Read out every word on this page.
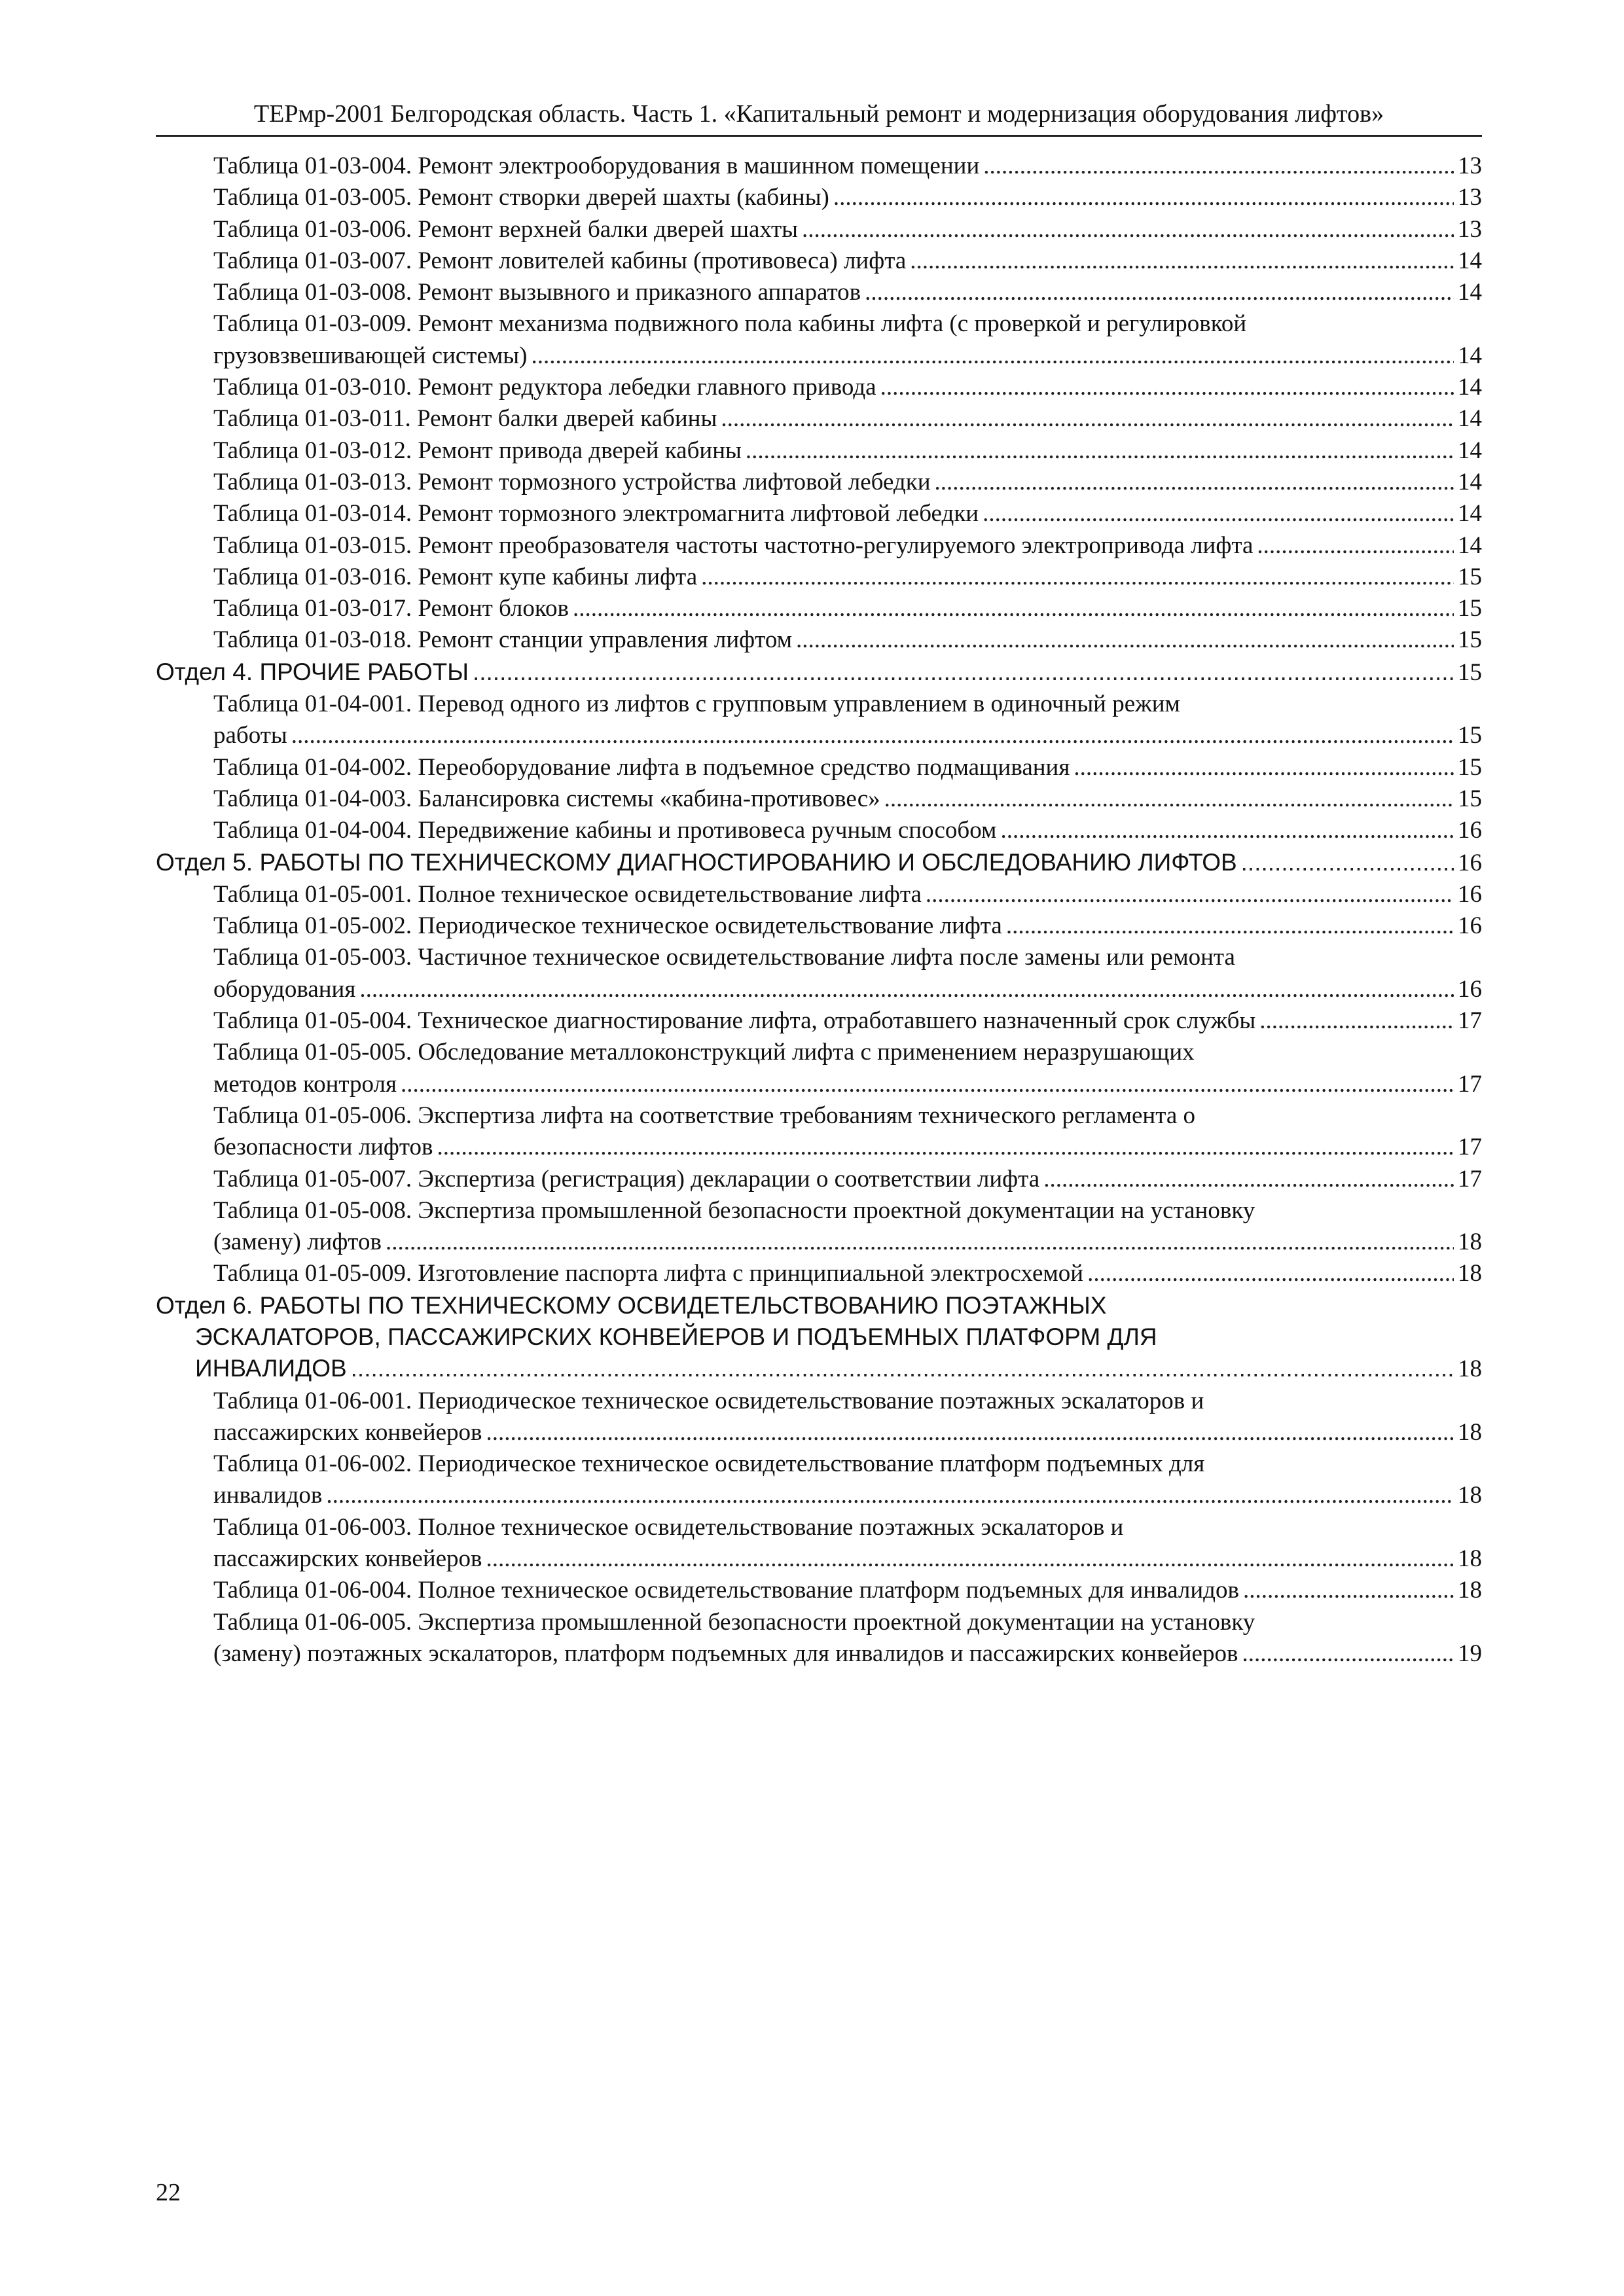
ТЕРмр-2001 Белгородская область. Часть 1. «Капитальный ремонт и модернизация оборудования лифтов»
Таблица 01-03-004. Ремонт электрооборудования в машинном помещении .....	13
Таблица 01-03-005. Ремонт створки дверей шахты (кабины) .....	13
Таблица 01-03-006. Ремонт верхней балки дверей шахты .....	13
Таблица 01-03-007. Ремонт ловителей кабины (противовеса) лифта .....	14
Таблица 01-03-008. Ремонт вызывного и приказного аппаратов .....	14
Таблица 01-03-009. Ремонт механизма подвижного пола кабины лифта (с проверкой и регулировкой
грузовзвешивающей системы) .....	14
Таблица 01-03-010. Ремонт редуктора лебедки главного привода .....	14
Таблица 01-03-011. Ремонт балки дверей кабины .....	14
Таблица 01-03-012. Ремонт привода дверей кабины .....	14
Таблица 01-03-013. Ремонт тормозного устройства лифтовой лебедки .....	14
Таблица 01-03-014. Ремонт тормозного электромагнита лифтовой лебедки .....	14
Таблица 01-03-015. Ремонт преобразователя частоты частотно-регулируемого электропривода лифта .....	14
Таблица 01-03-016. Ремонт купе кабины лифта .....	15
Таблица 01-03-017. Ремонт блоков .....	15
Таблица 01-03-018. Ремонт станции управления лифтом .....	15
Отдел 4. ПРОЧИЕ РАБОТЫ .....	15
Таблица 01-04-001. Перевод одного из лифтов с групповым управлением в одиночный режим
работы .....	15
Таблица 01-04-002. Переоборудование лифта в подъемное средство подмащивания .....	15
Таблица 01-04-003. Балансировка системы «кабина-противовес» .....	15
Таблица 01-04-004. Передвижение кабины и противовеса ручным способом .....	16
Отдел 5. РАБОТЫ ПО ТЕХНИЧЕСКОМУ ДИАГНОСТИРОВАНИЮ И ОБСЛЕДОВАНИЮ ЛИФТОВ .....	16
Таблица 01-05-001. Полное техническое освидетельствование лифта .....	16
Таблица 01-05-002. Периодическое техническое освидетельствование лифта .....	16
Таблица 01-05-003. Частичное техническое освидетельствование лифта после замены или ремонта
оборудования .....	16
Таблица 01-05-004. Техническое диагностирование лифта, отработавшего назначенный срок службы .....	17
Таблица 01-05-005. Обследование металлоконструкций лифта с применением неразрушающих
методов контроля .....	17
Таблица 01-05-006. Экспертиза лифта на соответствие требованиям технического регламента о
безопасности лифтов .....	17
Таблица 01-05-007. Экспертиза (регистрация) декларации о соответствии лифта .....	17
Таблица 01-05-008. Экспертиза промышленной безопасности проектной документации на установку
(замену) лифтов .....	18
Таблица 01-05-009. Изготовление паспорта лифта с принципиальной электросхемой .....	18
Отдел 6. РАБОТЫ ПО ТЕХНИЧЕСКОМУ ОСВИДЕТЕЛЬСТВОВАНИЮ ПОЭТАЖНЫХ
ЭСКАЛАТОРОВ, ПАССАЖИРСКИХ КОНВЕЙЕРОВ И ПОДЪЕМНЫХ ПЛАТФОРМ ДЛЯ
ИНВАЛИДОВ .....	18
Таблица 01-06-001. Периодическое техническое освидетельствование поэтажных эскалаторов и
пассажирских конвейеров .....	18
Таблица 01-06-002. Периодическое техническое освидетельствование платформ подъемных для
инвалидов .....	18
Таблица 01-06-003. Полное техническое освидетельствование поэтажных эскалаторов и
пассажирских конвейеров .....	18
Таблица 01-06-004. Полное техническое освидетельствование платформ подъемных для инвалидов .....	18
Таблица 01-06-005. Экспертиза промышленной безопасности проектной документации на установку
(замену) поэтажных эскалаторов, платформ подъемных для инвалидов и пассажирских конвейеров .....	19
22
